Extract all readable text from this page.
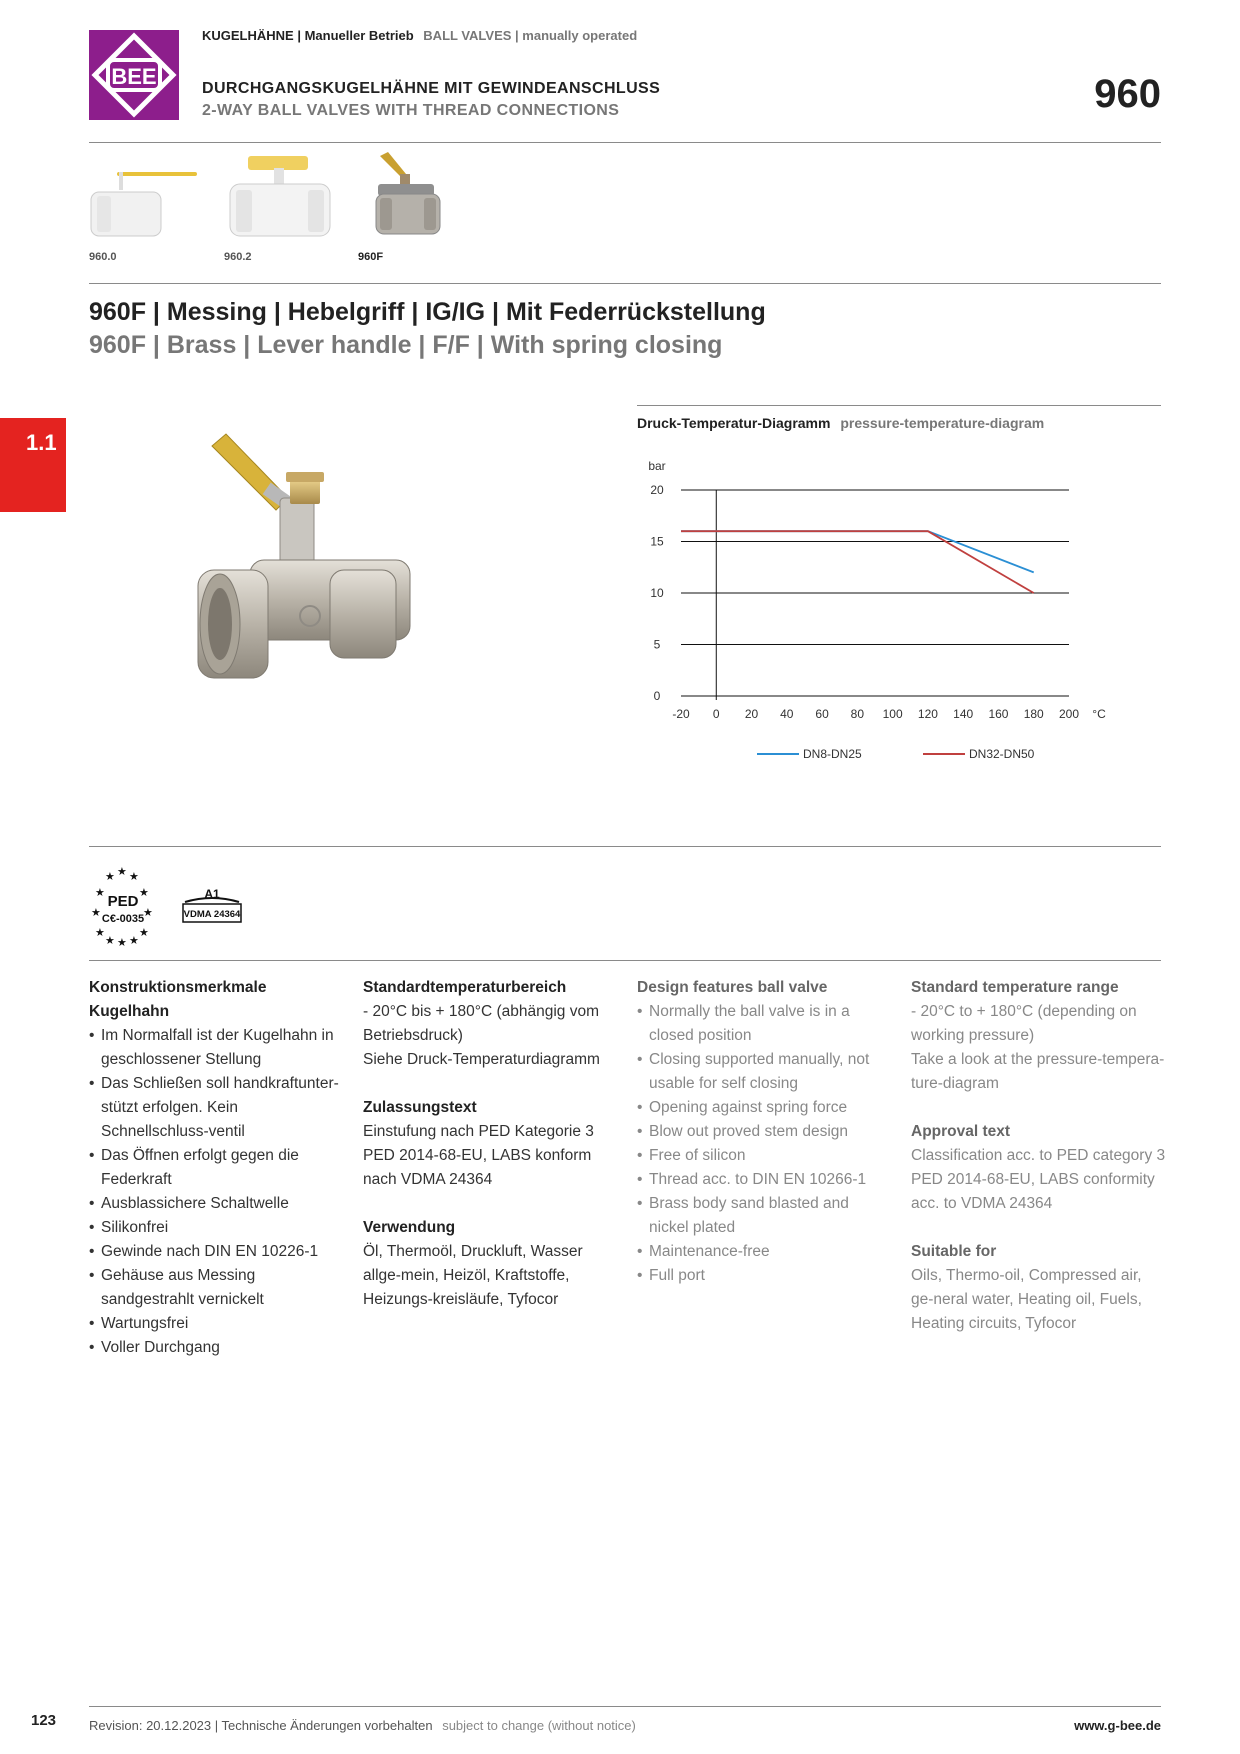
BEE
KUGELHÄHNE | Manueller Betrieb BALL VALVES | manually operated
DURCHGANGSKUGELHÄHNE MIT GEWINDEANSCHLUSS
2-WAY BALL VALVES WITH THREAD CONNECTIONS	960
960.0	960.2	960F
960F | Messing | Hebelgriff | IG/IG | Mit Federrückstellung
960F | Brass | Lever handle | F/F | With spring closing
1.1
Druck-Temperatur-Diagramm pressure-temperature-diagram
0
5
10
15
20
bar
-20 0 20 40 60 80 100 120 140 160 180 200 °C
DN8-DN25	DN32-DN50
★ ★ ★
★	★
★	★
★	★
★ ★ ★
PED
C€-0035
A1
VDMA 24364
Konstruktionsmerkmale Kugelhahn
• Im Normalfall ist der Kugelhahn in geschlossener Stellung
• Das Schließen soll handkraftunter-stützt erfolgen. Kein Schnellschluss-ventil
• Das Öffnen erfolgt gegen die Federkraft
• Ausblassichere Schaltwelle
• Silikonfrei
• Gewinde nach DIN EN 10226-1
• Gehäuse aus Messing sandgestrahlt vernickelt
• Wartungsfrei
• Voller Durchgang
Standardtemperaturbereich

- 20°C bis + 180°C (abhängig vom Betriebsdruck)

Siehe Druck-Temperaturdiagramm

Zulassungstext

Einstufung nach PED Kategorie 3 PED 2014-68-EU, LABS konform nach VDMA 24364

Verwendung

Öl, Thermoöl, Druckluft, Wasser allge-mein, Heizöl, Kraftstoffe, Heizungs-kreisläufe, Tyfocor

Design features ball valve
• Normally the ball valve is in a closed position
• Closing supported manually, not usable for self closing
• Opening against spring force
• Blow out proved stem design
• Free of silicon
• Thread acc. to DIN EN 10266-1
• Brass body sand blasted and nickel plated
• Maintenance-free
• Full port
Standard temperature range

- 20°C to + 180°C (depending on working pressure)

Take a look at the pressure-tempera-ture-diagram

Approval text

Classification acc. to PED category 3 PED 2014-68-EU, LABS conformity acc. to VDMA 24364

Suitable for

Oils, Thermo-oil, Compressed air, ge-neral water, Heating oil, Fuels, Heating circuits, Tyfocor

123	Revision: 20.12.2023 | Technische Änderungen vorbehalten subject to change (without notice)	www.g-bee.de
